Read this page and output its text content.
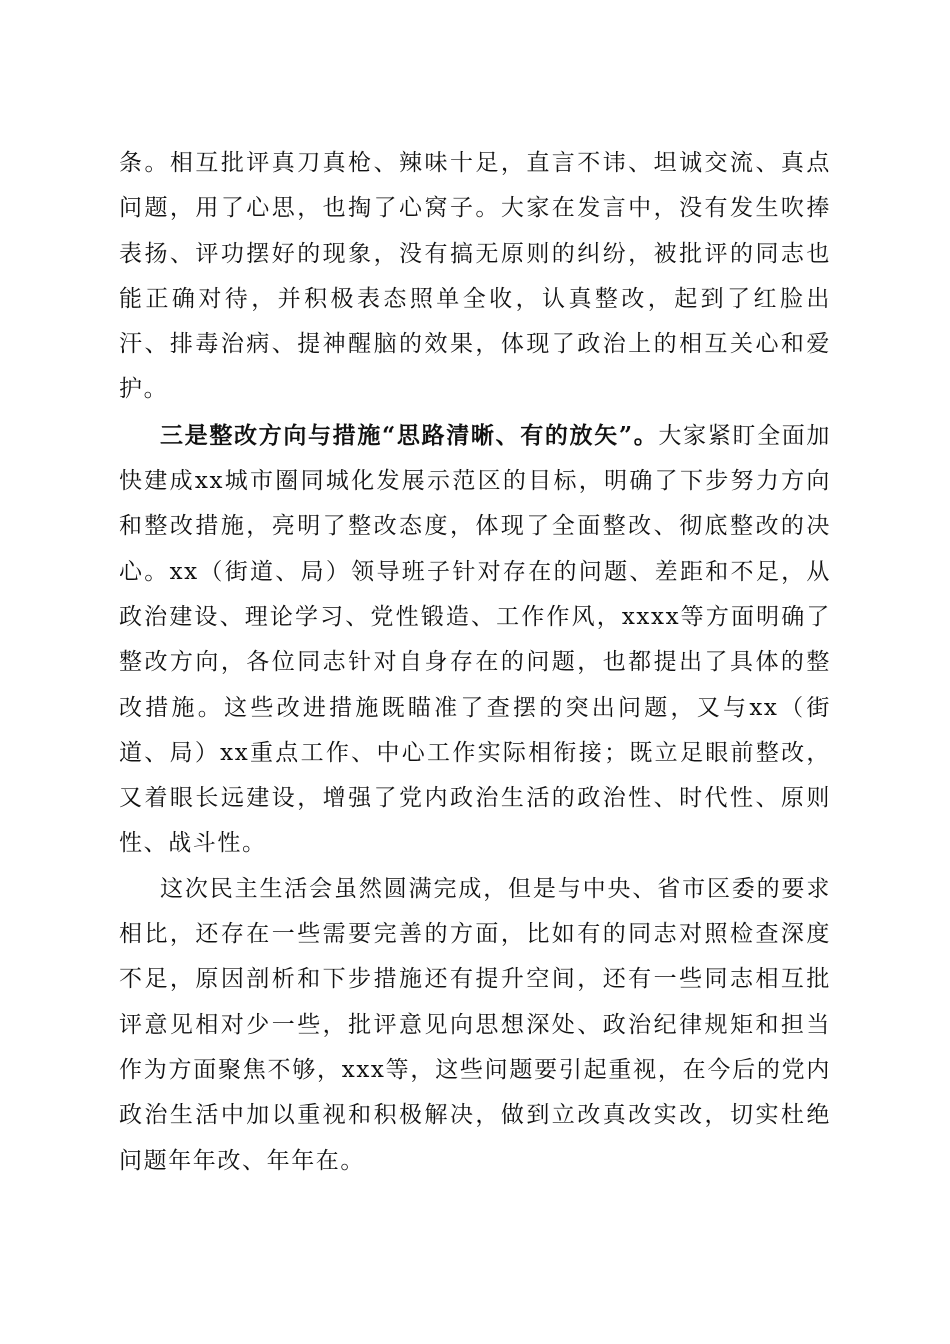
条。相互批评真刀真枪、辣味十足，直言不讳、坦诚交流、真点问题，用了心思，也掏了心窝子。大家在发言中，没有发生吹捧表扬、评功摆好的现象，没有搞无原则的纠纷，被批评的同志也能正确对待，并积极表态照单全收，认真整改，起到了红脸出汗、排毒治病、提神醒脑的效果，体现了政治上的相互关心和爱护。

三是整改方向与措施“思路清晰、有的放矢”。大家紧盯全面加快建成xx城市圈同城化发展示范区的目标，明确了下步努力方向和整改措施，亮明了整改态度，体现了全面整改、彻底整改的决心。xx（街道、局）领导班子针对存在的问题、差距和不足，从政治建设、理论学习、党性锻造、工作作风，xxxx等方面明确了整改方向，各位同志针对自身存在的问题，也都提出了具体的整改措施。这些改进措施既瞄准了查摆的突出问题，又与xx（街道、局）xx重点工作、中心工作实际相衔接；既立足眼前整改，又着眼长远建设，增强了党内政治生活的政治性、时代性、原则性、战斗性。

这次民主生活会虽然圆满完成，但是与中央、省市区委的要求相比，还存在一些需要完善的方面，比如有的同志对照检查深度不足，原因剖析和下步措施还有提升空间，还有一些同志相互批评意见相对少一些，批评意见向思想深处、政治纪律规矩和担当作为方面聚焦不够，xxx等，这些问题要引起重视，在今后的党内政治生活中加以重视和积极解决，做到立改真改实改，切实杜绝问题年年改、年年在。
